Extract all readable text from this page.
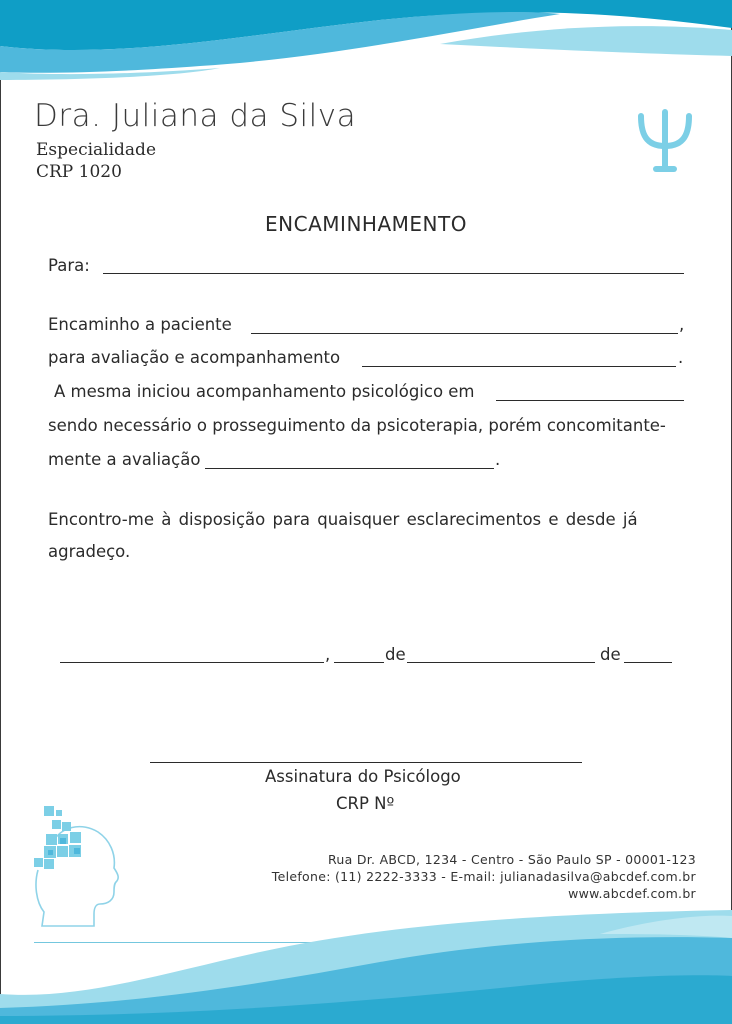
Dra. Juliana da Silva
Especialidade
CRP 1020
ENCAMINHAMENTO
Para:
Encaminho a paciente	,
para avaliação e acompanhamento	.
A mesma iniciou acompanhamento psicológico em
sendo necessário o prosseguimento da psicoterapia, porém concomitante-
mente a avaliação	.
Encontro-me à disposição para quaisquer esclarecimentos e desde já
agradeço.
,	de	de
Assinatura do Psicólogo
CRP Nº
Rua Dr. ABCD, 1234 - Centro - São Paulo SP - 00001-123
Telefone: (11) 2222-3333 - E-mail: julianadasilva@abcdef.com.br
www.abcdef.com.br
